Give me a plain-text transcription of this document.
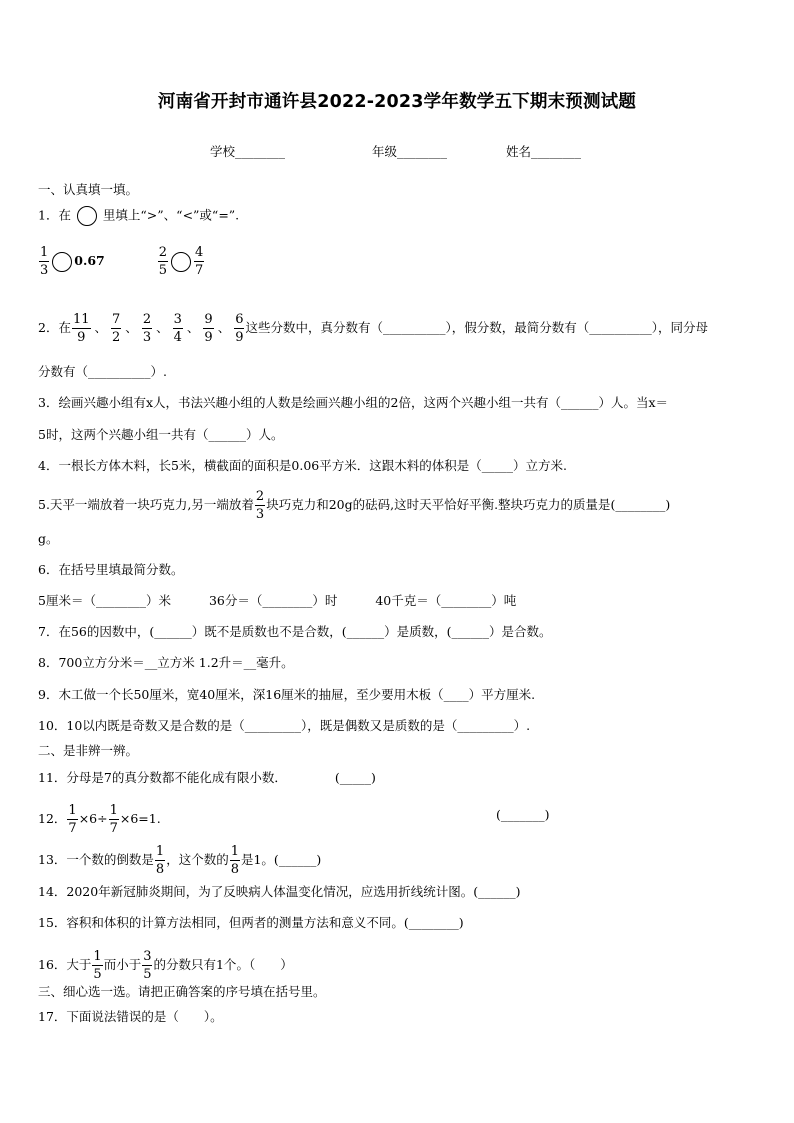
河南省开封市通许县2022-2023学年数学五下期末预测试题
学校________	年级________	姓名________
一、认真填一填。
1．在	里填上“>”、“<”或“=”.
$\frac{1}{3} 0.67$	$\frac{2}{5} \frac{4}{7}$
2．在 $\frac{11}{9}$ 、 $\frac{7}{2}$ 、 $\frac{2}{3}$ 、 $\frac{3}{4}$ 、 $\frac{9}{9}$ 、 $\frac{6}{9}$ 这些分数中，真分数有（__________），假分数，最简分数有（__________），同分母
分数有（__________）.
3．绘画兴趣小组有x人，书法兴趣小组的人数是绘画兴趣小组的2倍，这两个兴趣小组一共有（______）人。当x＝
5时，这两个兴趣小组一共有（______）人。
4．一根长方体木料，长5米，横截面的面积是0.06平方米．这跟木料的体积是（_____）立方米.
5.天平一端放着一块巧克力,另一端放着 $\frac{2}{3}$ 块巧克力和20g的砝码,这时天平恰好平衡.整块巧克力的质量是(________)
g。
6．在括号里填最简分数。
5厘米＝（________）米	36分＝（________）时	40千克＝（________）吨
7．在56的因数中，(______）既不是质数也不是合数，(______）是质数，(______）是合数。
8．700立方分米＝__立方米 1.2升＝__毫升。
9．木工做一个长50厘米，宽40厘米，深16厘米的抽屉，至少要用木板（____）平方厘米.
10．10以内既是奇数又是合数的是（_________），既是偶数又是质数的是（_________）.
二、是非辨一辨。
11．分母是7的真分数都不能化成有限小数．	(_____)
12． $\frac{1}{7} \times 6\div \frac{1}{7} \times 6=1$.	(_______)
13．一个数的倒数是 $\frac{1}{8}$ ，这个数的 $\frac{1}{8}$ 是1。(______)
14．2020年新冠肺炎期间，为了反映病人体温变化情况，应选用折线统计图。(______)
15．容积和体积的计算方法相同，但两者的测量方法和意义不同。(________)
16．大于 $\frac{1}{5}$ 而小于 $\frac{3}{5}$ 的分数只有1个。（　　）
三、细心选一选。请把正确答案的序号填在括号里。
17．下面说法错误的是（　　）。
